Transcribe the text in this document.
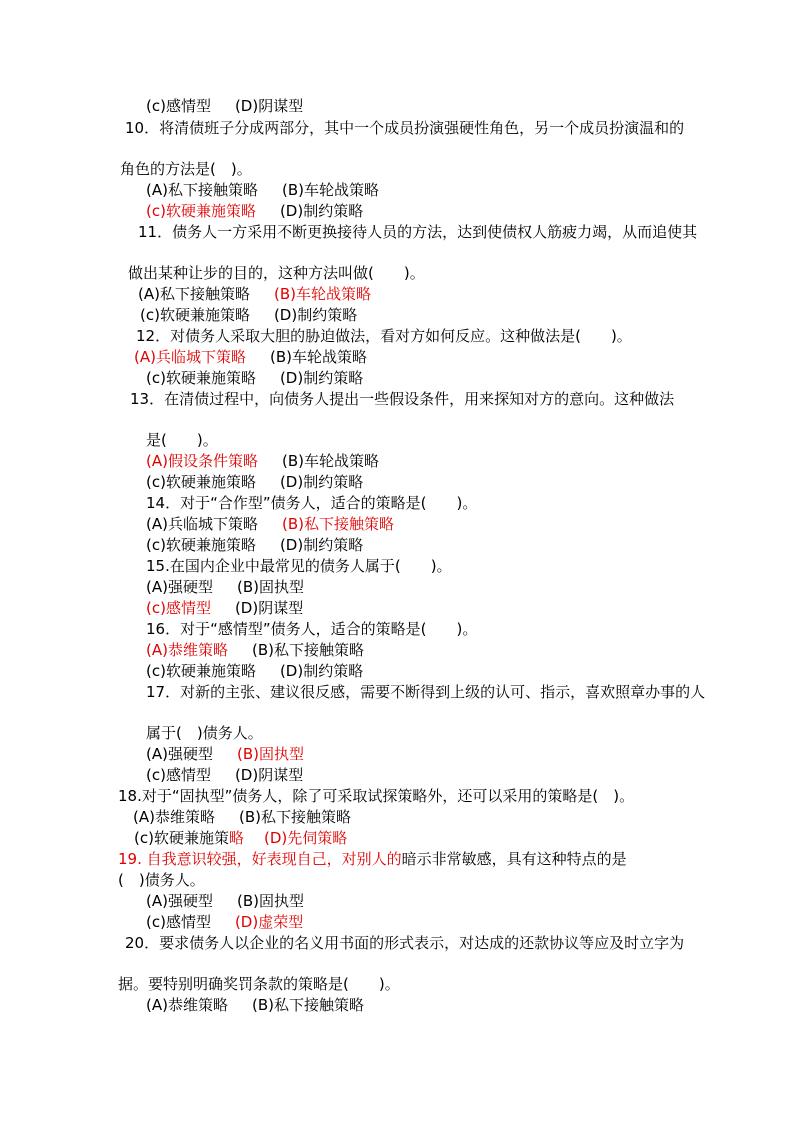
(c)感情型 (D)阴谋型
10．将清债班子分成两部分，其中一个成员扮演强硬性角色，另一个成员扮演温和的
角色的方法是(　)。
(A)私下接触策略 (B)车轮战策略
(c)软硬兼施策略 (D)制约策略
11．债务人一方采用不断更换接待人员的方法，达到使债权人筋疲力竭，从而追使其
做出某种让步的目的，这种方法叫做(　　)。
(A)私下接触策略 (B)车轮战策略
(c)软硬兼施策略 (D)制约策略
12．对债务人采取大胆的胁迫做法，看对方如何反应。这种做法是(　　)。
(A)兵临城下策略 (B)车轮战策略
(c)软硬兼施策略 (D)制约策略
13．在清债过程中，向债务人提出一些假设条件，用来探知对方的意向。这种做法
是(　　)。
(A)假设条件策略 (B)车轮战策略
(c)软硬兼施策略 (D)制约策略
14．对于“合作型”债务人，适合的策略是(　　)。
(A)兵临城下策略 (B)私下接触策略
(c)软硬兼施策略 (D)制约策略
15.在国内企业中最常见的债务人属于(　　)。
(A)强硬型 (B)固执型
(c)感情型 (D)阴谋型
16．对于“感情型”债务人，适合的策略是(　　)。
(A)恭维策略 (B)私下接触策略
(c)软硬兼施策略 (D)制约策略
17．对新的主张、建议很反感，需要不断得到上级的认可、指示，喜欢照章办事的人
属于(　)债务人。
(A)强硬型 (B)固执型
(c)感情型 (D)阴谋型
18.对于“固执型”债务人，除了可采取试探策略外，还可以采用的策略是(　)。
(A)恭维策略 (B)私下接触策略
(c)软硬兼施策略 (D)先伺策略
19. 自我意识较强，好表现自己，对别人的暗示非常敏感，具有这种特点的是
(　)债务人。
(A)强硬型 (B)固执型
(c)感情型 (D)虚荣型
20．要求债务人以企业的名义用书面的形式表示，对达成的还款协议等应及时立字为
据。要特别明确奖罚条款的策略是(　　)。
(A)恭维策略 (B)私下接触策略
